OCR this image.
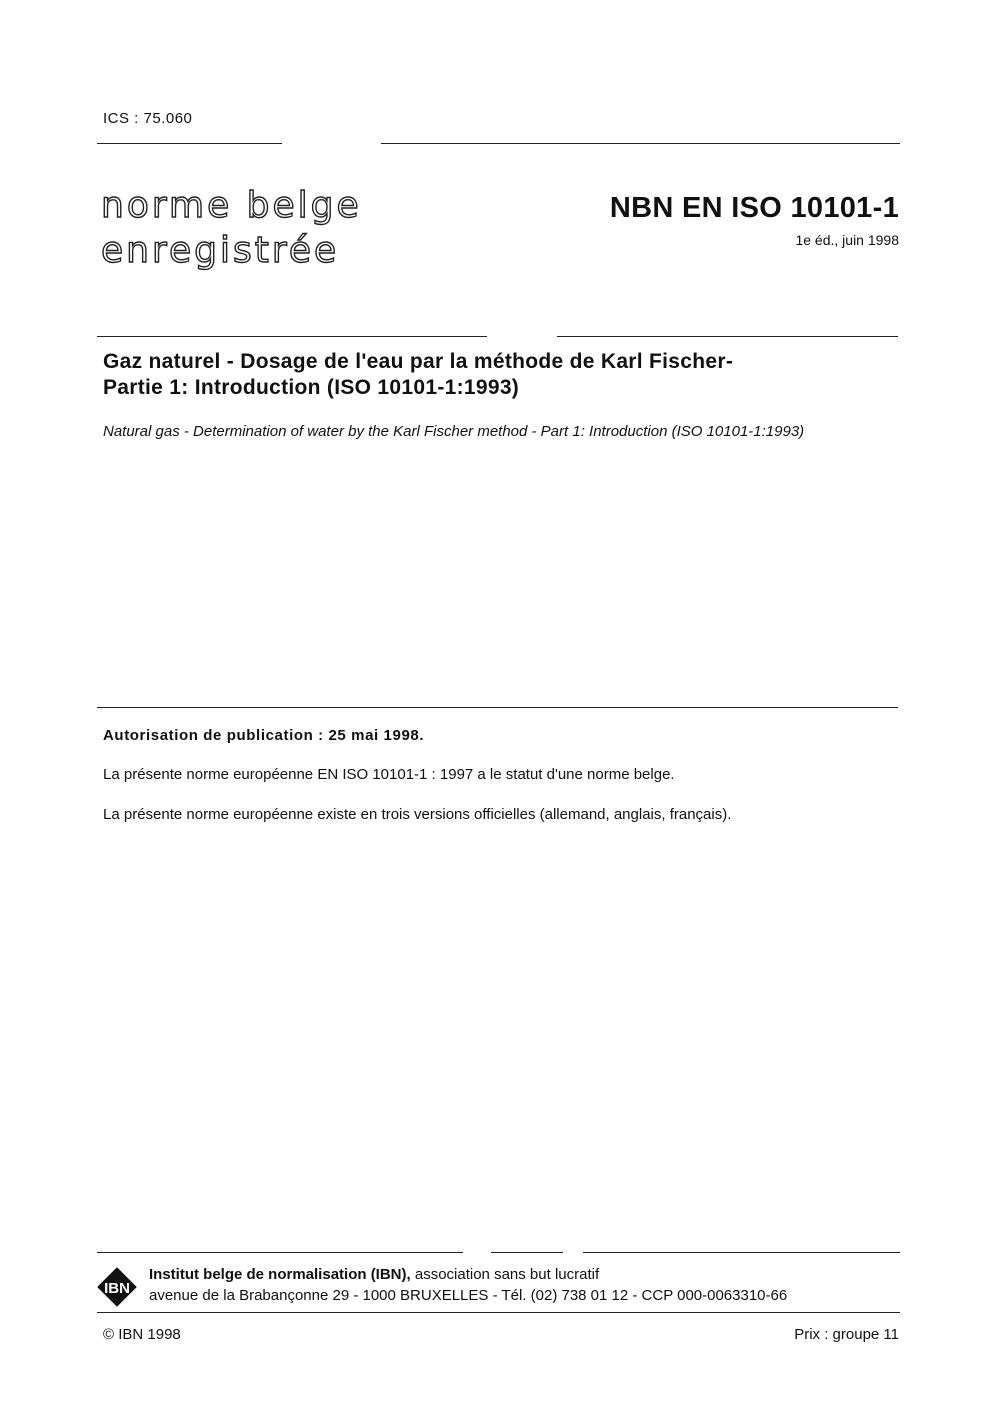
ICS : 75.060
norme belge
enregistrée
NBN EN ISO 10101-1
1e éd., juin 1998
Gaz naturel - Dosage de l'eau par la méthode de Karl Fischer-
Partie 1: Introduction (ISO 10101-1:1993)
Natural gas - Determination of water by the Karl Fischer method - Part 1: Introduction (ISO 10101-1:1993)
Autorisation de publication : 25 mai 1998.
La présente norme européenne EN ISO 10101-1 : 1997 a le statut d'une norme belge.
La présente norme européenne existe en trois versions officielles (allemand, anglais, français).
IBN
Institut belge de normalisation (IBN), association sans but lucratif
avenue de la Brabançonne 29 - 1000 BRUXELLES - Tél. (02) 738 01 12 - CCP 000-0063310-66
© IBN 1998	Prix : groupe 11
